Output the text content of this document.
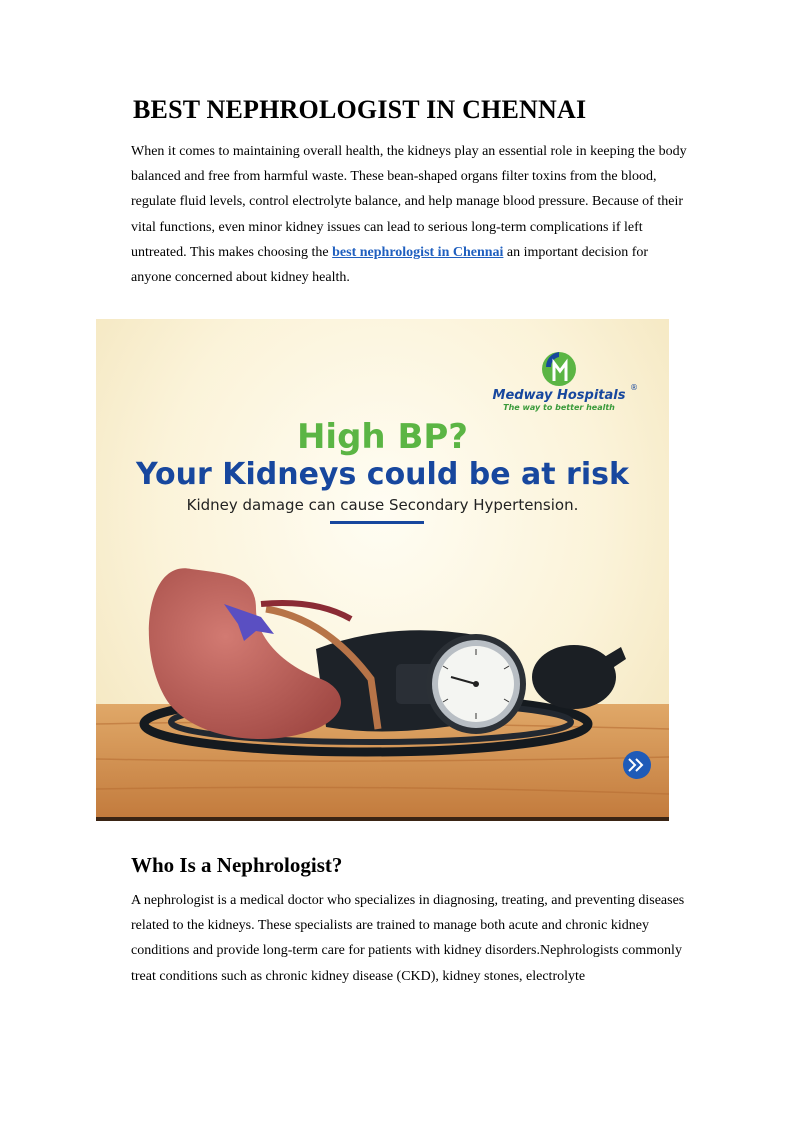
BEST NEPHROLOGIST IN CHENNAI

When it comes to maintaining overall health, the kidneys play an essential role in keeping the body balanced and free from harmful waste. These bean-shaped organs filter toxins from the blood, regulate fluid levels, control electrolyte balance, and help manage blood pressure. Because of their vital functions, even minor kidney issues can lead to serious long-term complications if left untreated. This makes choosing the best nephrologist in Chennai an important decision for anyone concerned about kidney health.

Medway Hospitals
®
The way to better health
High BP?
Your Kidneys could be at risk
Kidney damage can cause Secondary Hypertension.
Who Is a Nephrologist?

A nephrologist is a medical doctor who specializes in diagnosing, treating, and preventing diseases related to the kidneys. These specialists are trained to manage both acute and chronic kidney conditions and provide long-term care for patients with kidney disorders.Nephrologists commonly treat conditions such as chronic kidney disease (CKD), kidney stones, electrolyte
